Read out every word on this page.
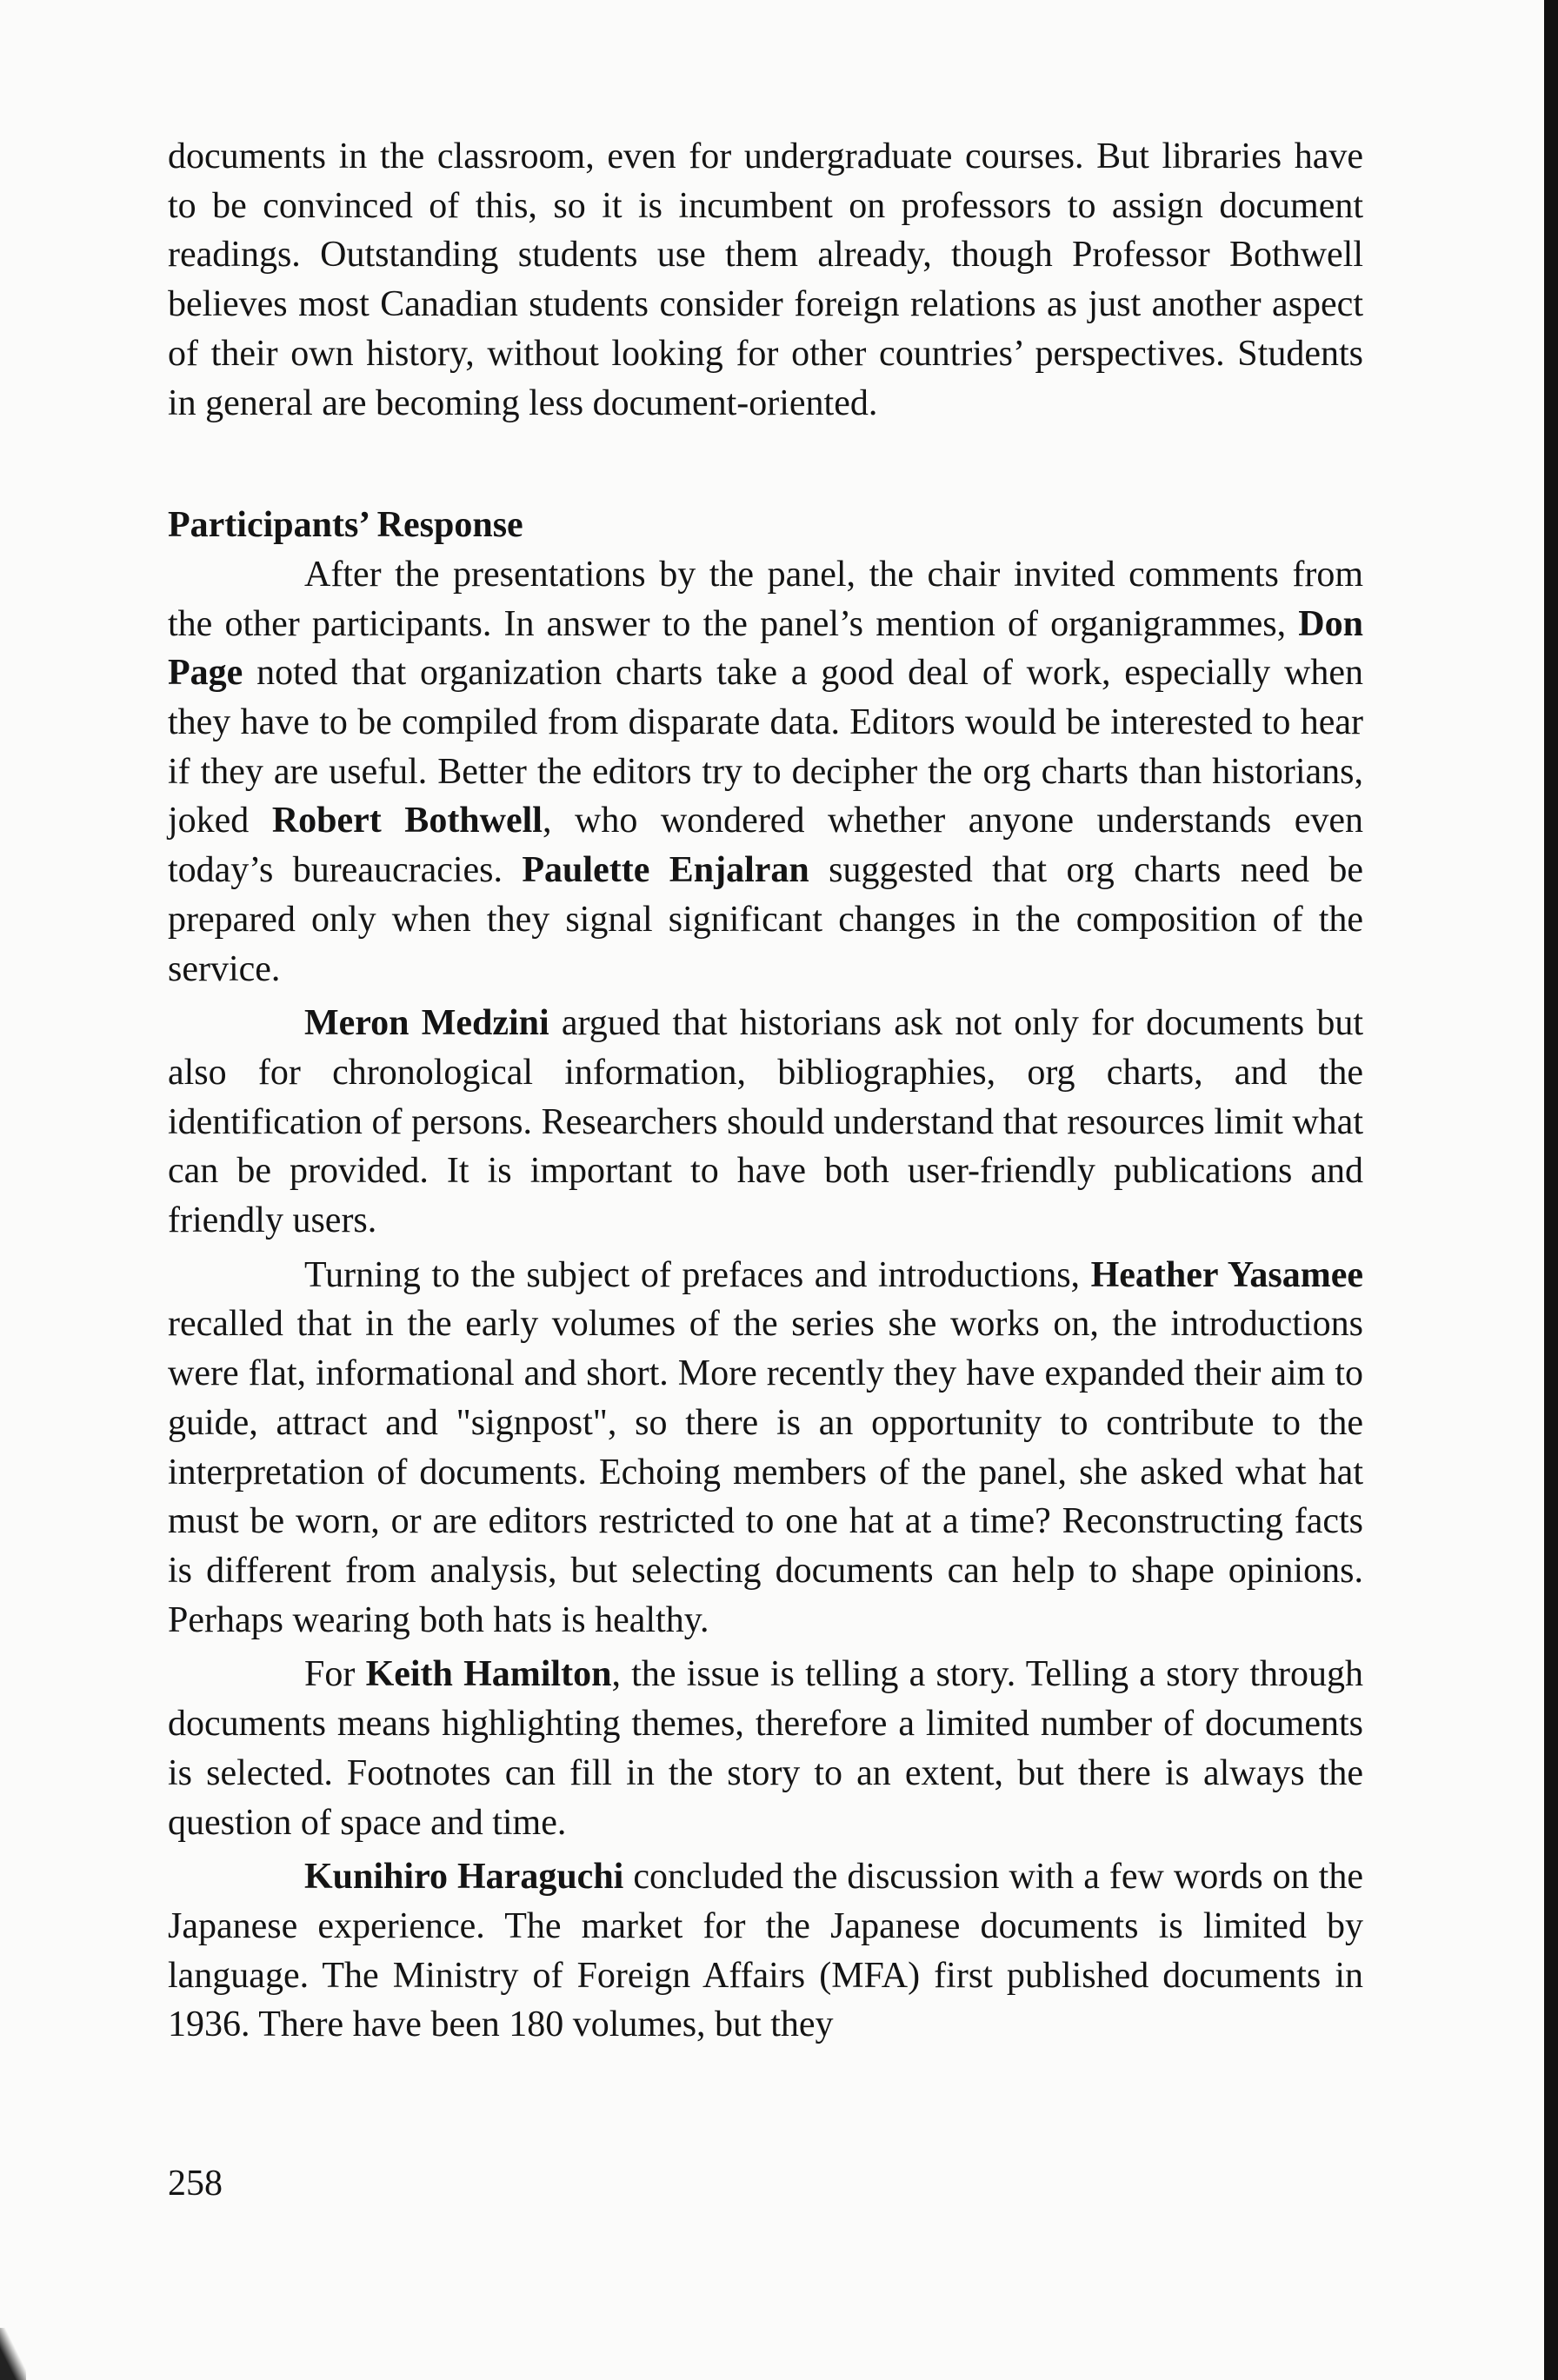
documents in the classroom, even for undergraduate courses. But libraries have to be convinced of this, so it is incumbent on professors to assign document readings. Outstanding students use them already, though Professor Bothwell believes most Canadian students consider foreign relations as just another aspect of their own history, without looking for other countries’ perspectives. Students in general are becoming less document-oriented.

Participants’ Response

After the presentations by the panel, the chair invited comments from the other participants. In answer to the panel’s mention of organigrammes, Don Page noted that organization charts take a good deal of work, especially when they have to be compiled from disparate data. Editors would be interested to hear if they are useful. Better the editors try to decipher the org charts than historians, joked Robert Bothwell, who wondered whether anyone understands even today’s bureaucracies. Paulette Enjalran suggested that org charts need be prepared only when they signal significant changes in the composition of the service.

Meron Medzini argued that historians ask not only for documents but also for chronological information, bibliographies, org charts, and the identification of persons. Researchers should understand that resources limit what can be provided. It is important to have both user-friendly publications and friendly users.

Turning to the subject of prefaces and introductions, Heather Yasamee recalled that in the early volumes of the series she works on, the introductions were flat, informational and short. More recently they have expanded their aim to guide, attract and "signpost", so there is an opportunity to contribute to the interpretation of documents. Echoing members of the panel, she asked what hat must be worn, or are editors restricted to one hat at a time? Reconstructing facts is different from analysis, but selecting documents can help to shape opinions. Perhaps wearing both hats is healthy.

For Keith Hamilton, the issue is telling a story. Telling a story through documents means highlighting themes, therefore a limited number of documents is selected. Footnotes can fill in the story to an extent, but there is always the question of space and time.

Kunihiro Haraguchi concluded the discussion with a few words on the Japanese experience. The market for the Japanese documents is limited by language. The Ministry of Foreign Affairs (MFA) first published documents in 1936. There have been 180 volumes, but they

258
